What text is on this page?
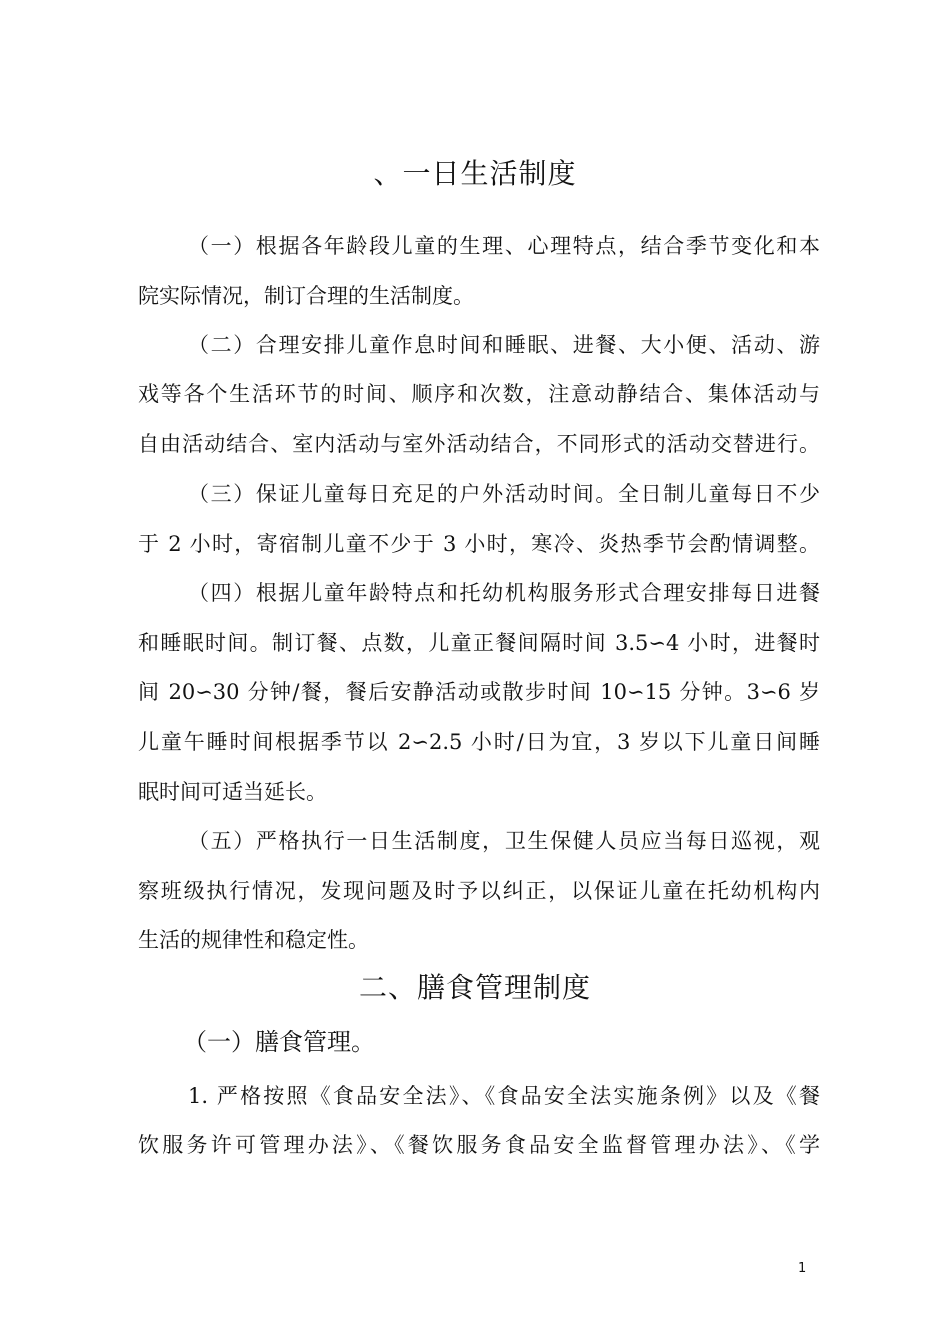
、一日生活制度
（一）根据各年龄段儿童的生理、心理特点，结合季节变化和本
院实际情况，制订合理的生活制度。
（二）合理安排儿童作息时间和睡眠、进餐、大小便、活动、游
戏等各个生活环节的时间、顺序和次数，注意动静结合、集体活动与
自由活动结合、室内活动与室外活动结合，不同形式的活动交替进行。
（三）保证儿童每日充足的户外活动时间。全日制儿童每日不少
于 2 小时，寄宿制儿童不少于 3 小时，寒冷、炎热季节会酌情调整。
（四）根据儿童年龄特点和托幼机构服务形式合理安排每日进餐
和睡眠时间。制订餐、点数，儿童正餐间隔时间 3.5∽4 小时，进餐时
间 20∽30 分钟/餐，餐后安静活动或散步时间 10∽15 分钟。3∽6 岁
儿童午睡时间根据季节以 2∽2.5 小时/日为宜，3 岁以下儿童日间睡
眠时间可适当延长。
（五）严格执行一日生活制度，卫生保健人员应当每日巡视，观
察班级执行情况，发现问题及时予以纠正，以保证儿童在托幼机构内
生活的规律性和稳定性。
二、膳食管理制度
（一）膳食管理。
1. 严格按照《食品安全法》、《食品安全法实施条例》以及《餐
饮服务许可管理办法》、《餐饮服务食品安全监督管理办法》、《学
1
